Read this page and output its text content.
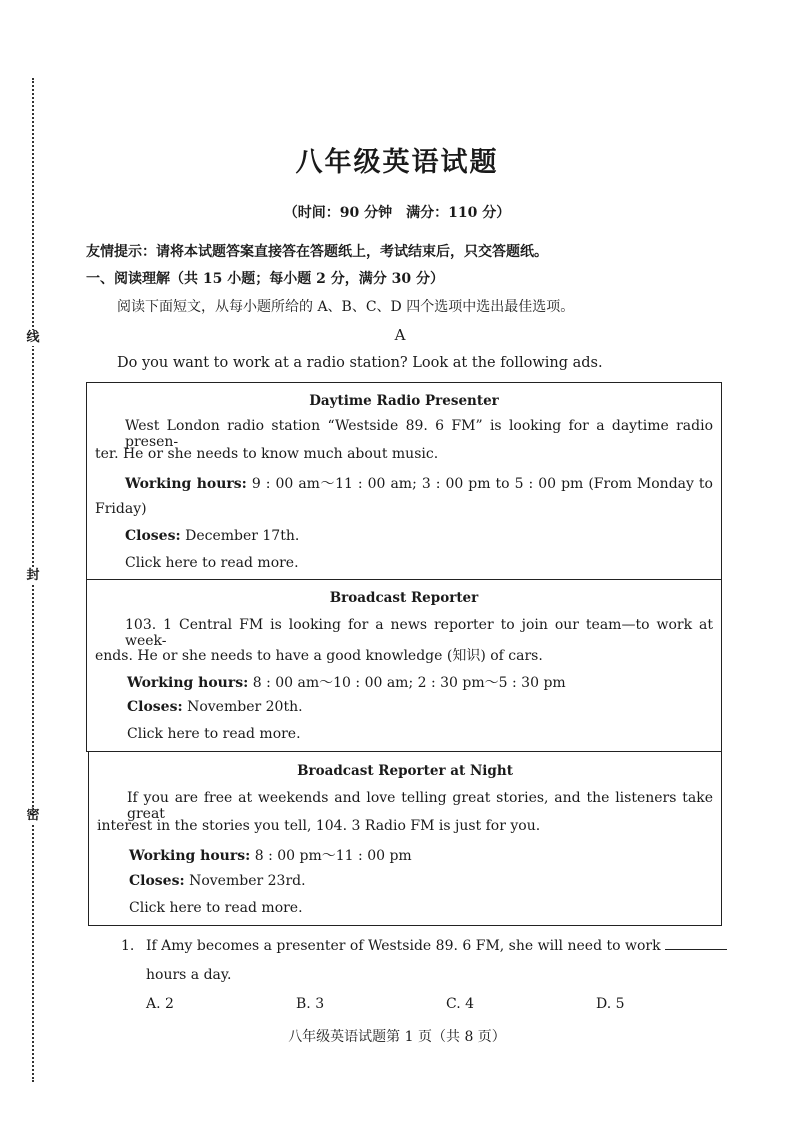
线
封
密
八年级英语试题
（时间：90 分钟　满分：110 分）
友情提示：请将本试题答案直接答在答题纸上，考试结束后，只交答题纸。
一、阅读理解（共 15 小题；每小题 2 分，满分 30 分）
阅读下面短文，从每小题所给的 A、B、C、D 四个选项中选出最佳选项。
A
Do you want to work at a radio station? Look at the following ads.
Daytime Radio Presenter
West London radio station “Westside 89. 6 FM” is looking for a daytime radio presen-
ter. He or she needs to know much about music.
Working hours: 9 : 00 am～11 : 00 am; 3 : 00 pm to 5 : 00 pm (From Monday to
Friday)
Closes: December 17th.
Click here to read more.
Broadcast Reporter
103. 1 Central FM is looking for a news reporter to join our team—to work at week-
ends. He or she needs to have a good knowledge (知识) of cars.
Working hours: 8 : 00 am～10 : 00 am; 2 : 30 pm～5 : 30 pm
Closes: November 20th.
Click here to read more.
Broadcast Reporter at Night
If you are free at weekends and love telling great stories, and the listeners take great
interest in the stories you tell, 104. 3 Radio FM is just for you.
Working hours: 8 : 00 pm～11 : 00 pm
Closes: November 23rd.
Click here to read more.
1. If Amy becomes a presenter of Westside 89. 6 FM, she will need to work
hours a day.
A. 2	B. 3	C. 4	D. 5
八年级英语试题第 1 页（共 8 页）
